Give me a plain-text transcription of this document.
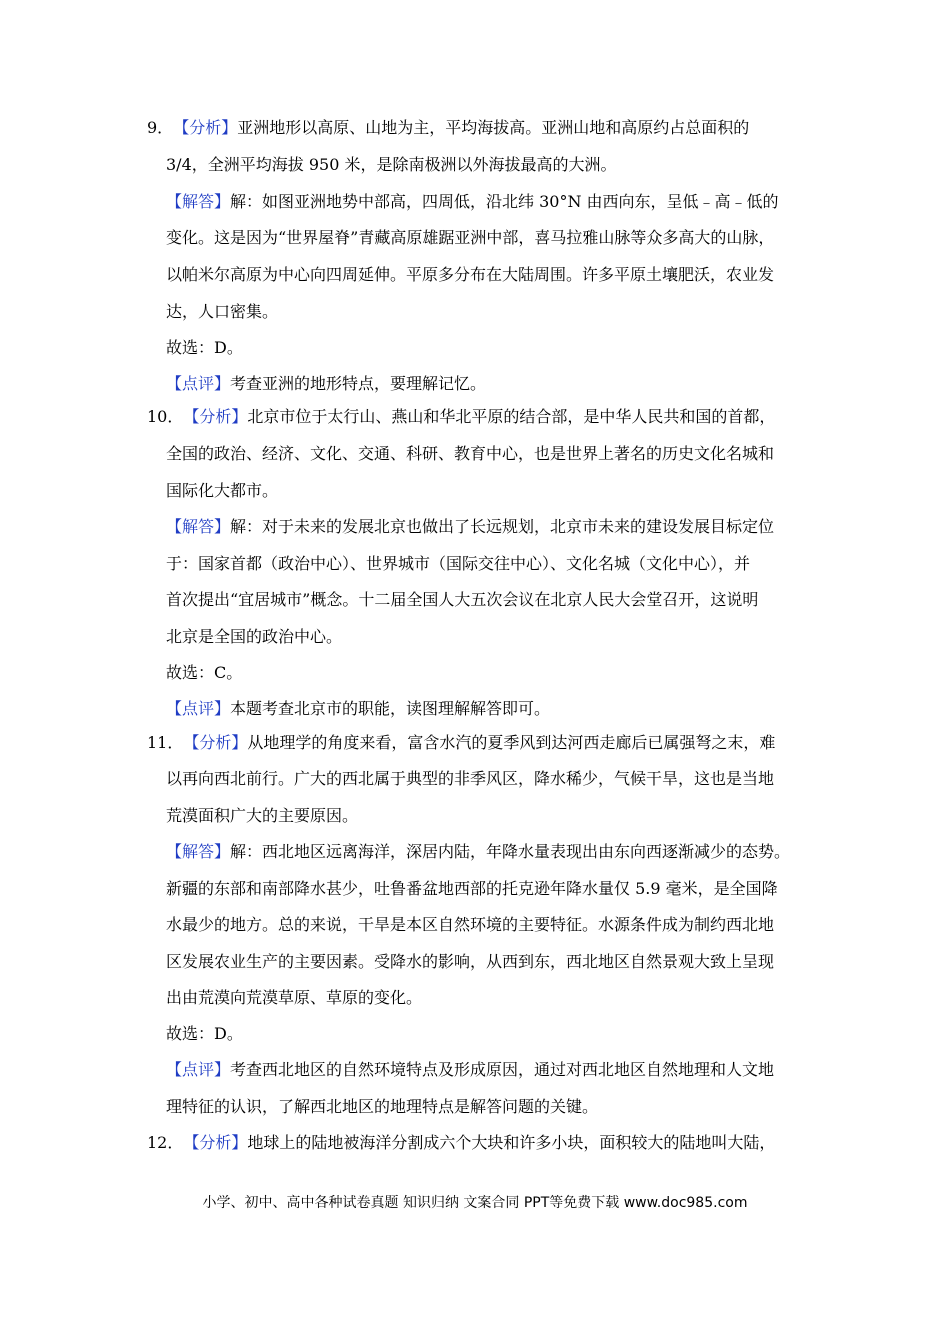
9．【分析】亚洲地形以高原、山地为主，平均海拔高。亚洲山地和高原约占总面积的
3/4，全洲平均海拔 950 米，是除南极洲以外海拔最高的大洲。
【解答】解：如图亚洲地势中部高，四周低，沿北纬 30°N 由西向东，呈低﹣高﹣低的
变化。这是因为“世界屋脊”青藏高原雄踞亚洲中部，喜马拉雅山脉等众多高大的山脉，
以帕米尔高原为中心向四周延伸。平原多分布在大陆周围。许多平原土壤肥沃，农业发
达，人口密集。
故选：D。
【点评】考查亚洲的地形特点，要理解记忆。
10．【分析】北京市位于太行山、燕山和华北平原的结合部，是中华人民共和国的首都，
全国的政治、经济、文化、交通、科研、教育中心，也是世界上著名的历史文化名城和
国际化大都市。
【解答】解：对于未来的发展北京也做出了长远规划，北京市未来的建设发展目标定位
于：国家首都（政治中心）、世界城市（国际交往中心）、文化名城（文化中心），并
首次提出“宜居城市”概念。十二届全国人大五次会议在北京人民大会堂召开，这说明
北京是全国的政治中心。
故选：C。
【点评】本题考查北京市的职能，读图理解解答即可。
11．【分析】从地理学的角度来看，富含水汽的夏季风到达河西走廊后已属强弩之末，难
以再向西北前行。广大的西北属于典型的非季风区，降水稀少，气候干旱，这也是当地
荒漠面积广大的主要原因。
【解答】解：西北地区远离海洋，深居内陆，年降水量表现出由东向西逐渐减少的态势。
新疆的东部和南部降水甚少，吐鲁番盆地西部的托克逊年降水量仅 5.9 毫米，是全国降
水最少的地方。总的来说，干旱是本区自然环境的主要特征。水源条件成为制约西北地
区发展农业生产的主要因素。受降水的影响，从西到东，西北地区自然景观大致上呈现
出由荒漠向荒漠草原、草原的变化。
故选：D。
【点评】考查西北地区的自然环境特点及形成原因，通过对西北地区自然地理和人文地
理特征的认识，了解西北地区的地理特点是解答问题的关键。
12．【分析】地球上的陆地被海洋分割成六个大块和许多小块，面积较大的陆地叫大陆，
小学、初中、高中各种试卷真题 知识归纳 文案合同 PPT等免费下载 www.doc985.com
